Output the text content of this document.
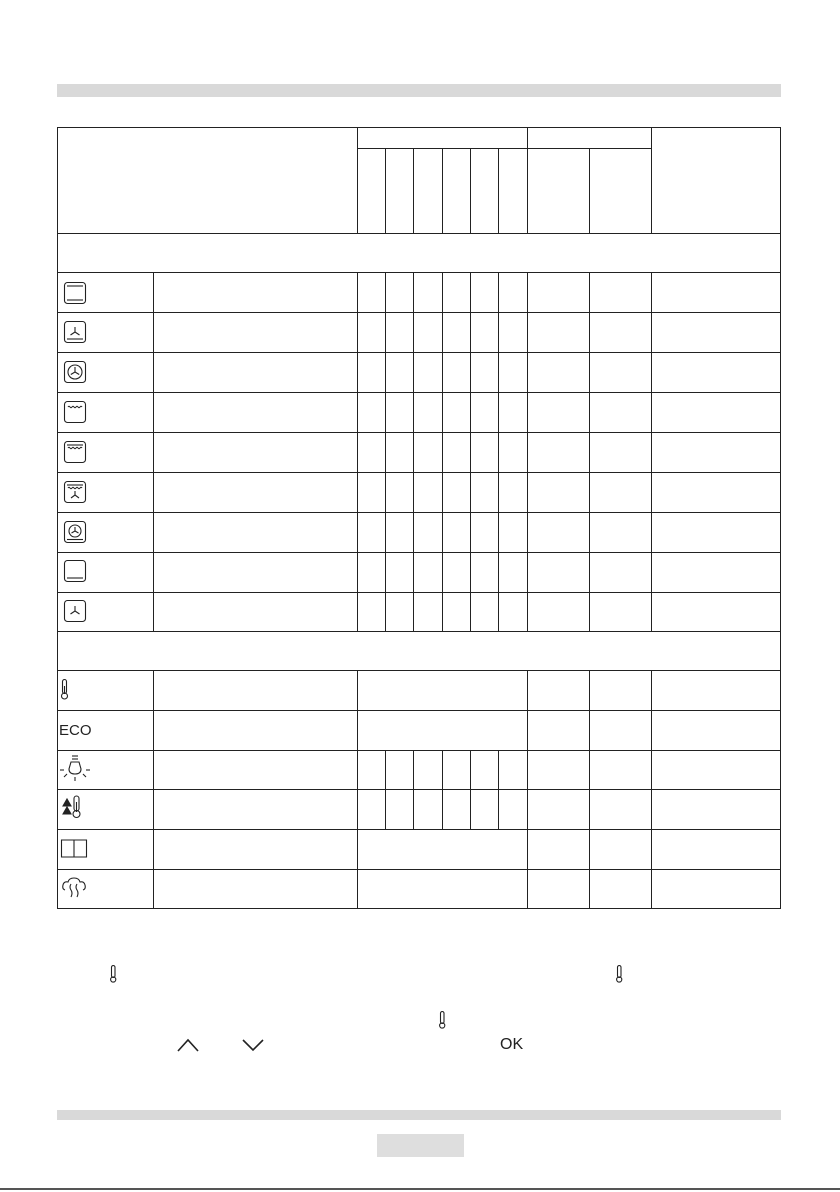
ECO
OK
